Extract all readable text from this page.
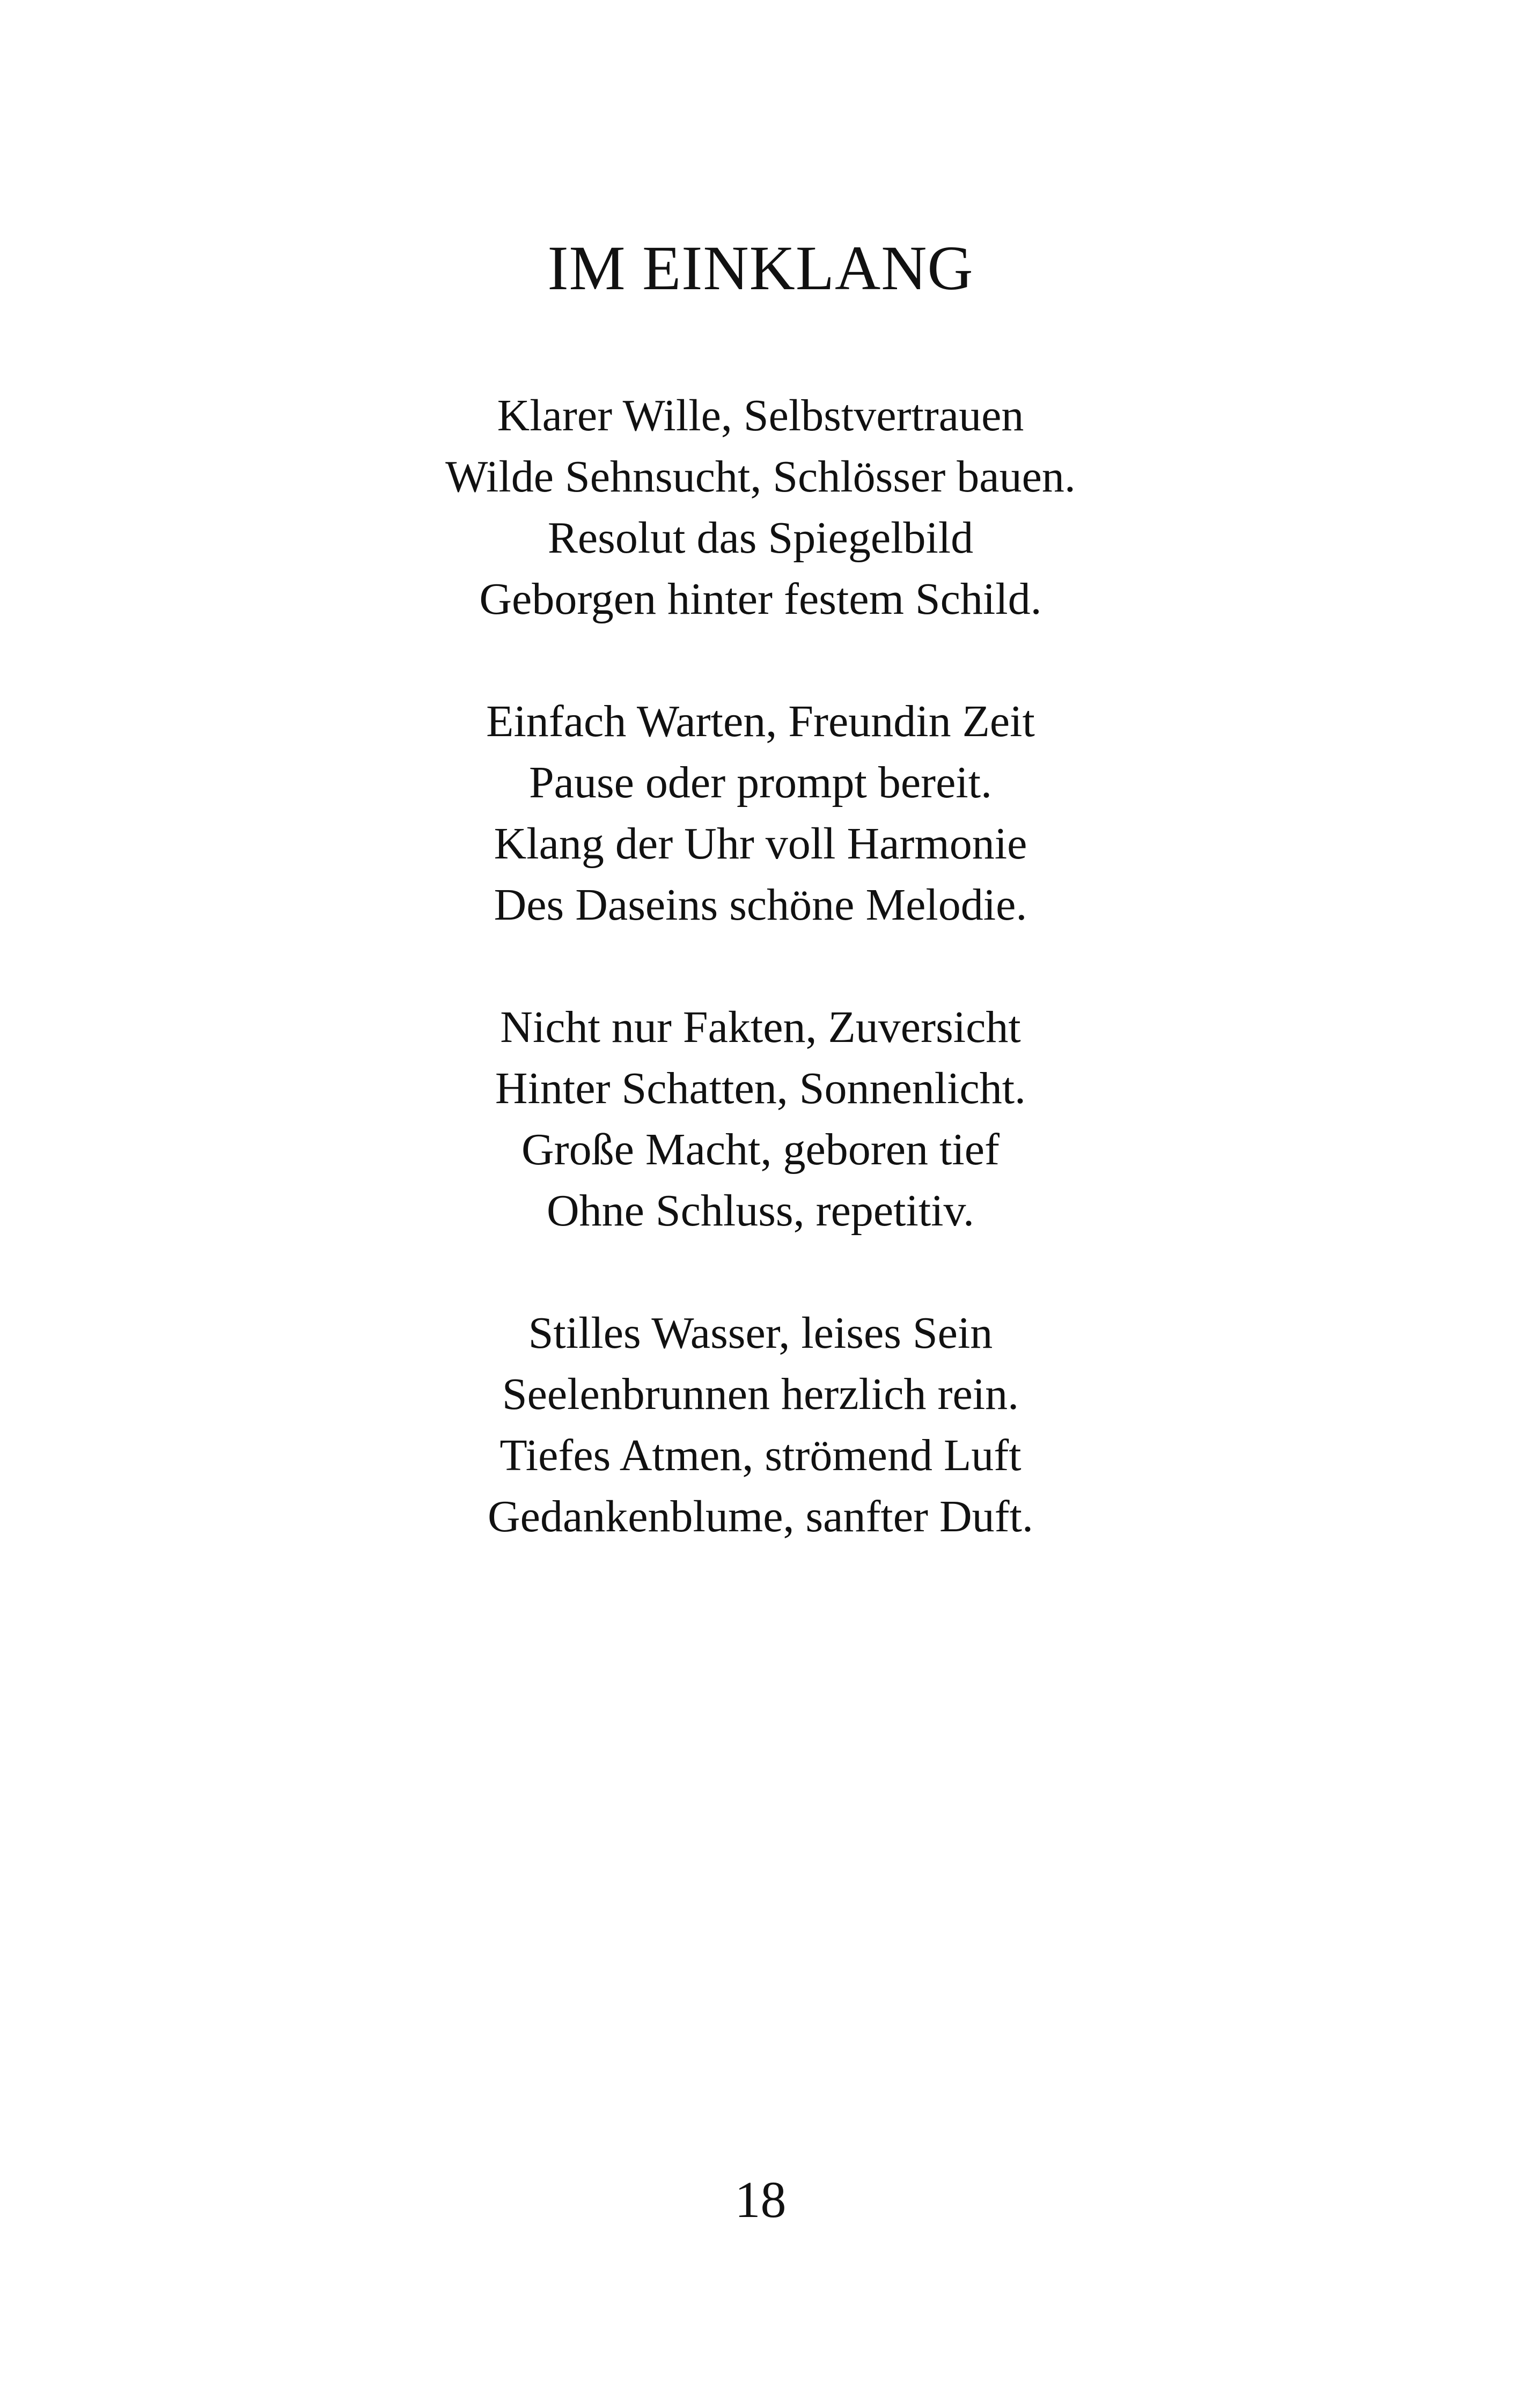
IM EINKLANG
Klarer Wille, Selbstvertrauen
Wilde Sehnsucht, Schlösser bauen.
Resolut das Spiegelbild
Geborgen hinter festem Schild.
Einfach Warten, Freundin Zeit
Pause oder prompt bereit.
Klang der Uhr voll Harmonie
Des Daseins schöne Melodie.
Nicht nur Fakten, Zuversicht
Hinter Schatten, Sonnenlicht.
Große Macht, geboren tief
Ohne Schluss, repetitiv.
Stilles Wasser, leises Sein
Seelenbrunnen herzlich rein.
Tiefes Atmen, strömend Luft
Gedankenblume, sanfter Duft.
18
